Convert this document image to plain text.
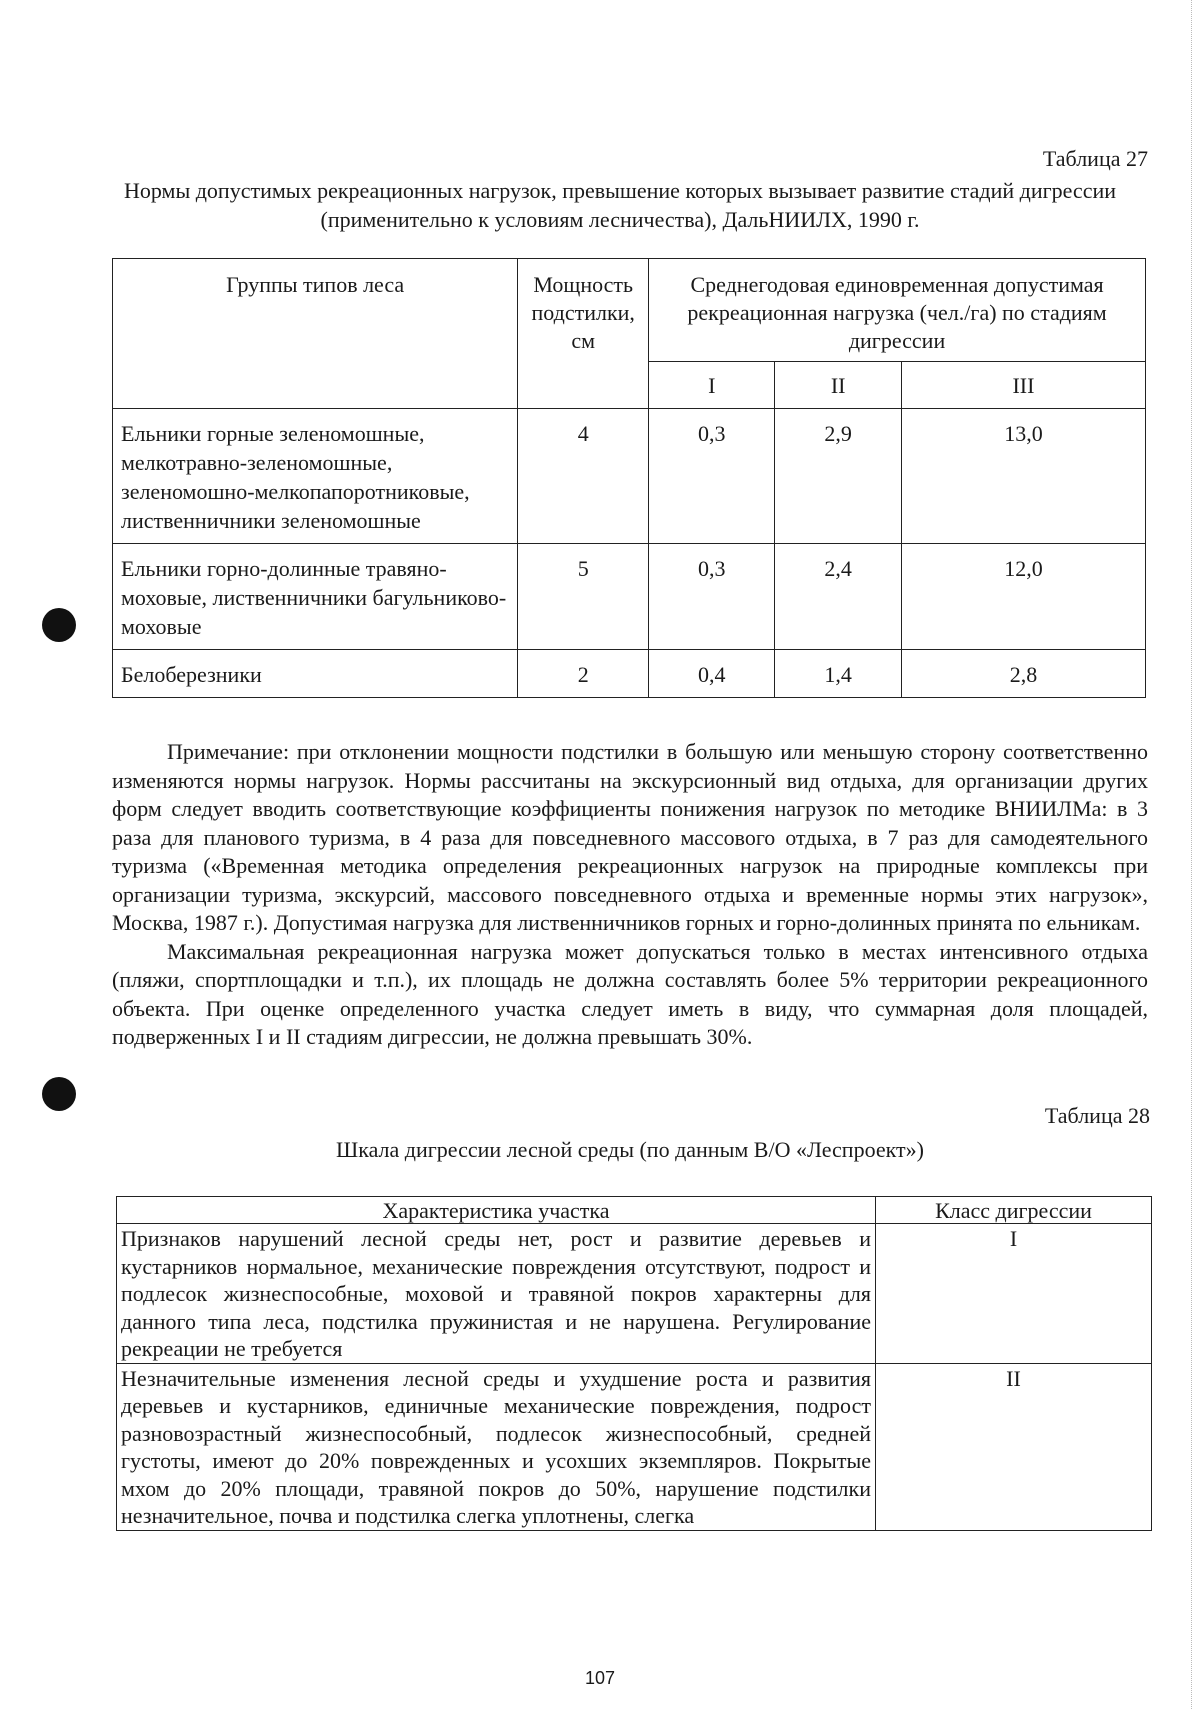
Таблица 27
Нормы допустимых рекреационных нагрузок, превышение которых вызывает развитие стадий дигрессии (применительно к условиям лесничества), ДальНИИЛХ, 1990 г.
Группы типов леса	Мощность подстилки, см	Среднегодовая единовременная допустимая рекреационная нагрузка (чел./га) по стадиям дигрессии		
		I	II	III
Ельники горные зеленомошные, мелкотравно-зеленомошные, зеленомошно-мелкопапоротниковые, лиственничники зеленомошные	4	0,3	2,9	13,0
Ельники горно-долинные травяно-моховые, лиственничники багульниково-моховые	5	0,3	2,4	12,0
Белоберезники	2	0,4	1,4	2,8

Примечание: при отклонении мощности подстилки в большую или меньшую сторону соответственно изменяются нормы нагрузок. Нормы рассчитаны на экскурсионный вид отдыха, для организации других форм следует вводить соответствующие коэффициенты понижения нагрузок по методике ВНИИЛМа: в 3 раза для планового туризма, в 4 раза для повседневного массового отдыха, в 7 раз для самодеятельного туризма («Временная методика определения рекреационных нагрузок на природные комплексы при организации туризма, экскурсий, массового повседневного отдыха и временные нормы этих нагрузок», Москва, 1987 г.). Допустимая нагрузка для лиственничников горных и горно-долинных принята по ельникам.

Максимальная рекреационная нагрузка может допускаться только в местах интенсивного отдыха (пляжи, спортплощадки и т.п.), их площадь не должна составлять более 5% территории рекреационного объекта. При оценке определенного участка следует иметь в виду, что суммарная доля площадей, подверженных I и II стадиям дигрессии, не должна превышать 30%.

Таблица 28
Шкала дигрессии лесной среды (по данным В/О «Леспроект»)
Характеристика участка	Класс дигрессии
Признаков нарушений лесной среды нет, рост и развитие деревьев и кустарников нормальное, механические повреждения отсутствуют, подрост и подлесок жизнеспособные, моховой и травяной покров характерны для данного типа леса, подстилка пружинистая и не нарушена. Регулирование рекреации не требуется	I
Незначительные изменения лесной среды и ухудшение роста и развития деревьев и кустарников, единичные механические повреждения, подрост разновозрастный жизнеспособный, подлесок жизнеспособный, средней густоты, имеют до 20% поврежденных и усохших экземпляров. Покрытые мхом до 20% площади, травяной покров до 50%, нарушение подстилки незначительное, почва и подстилка слегка уплотнены, слегка	II
107
